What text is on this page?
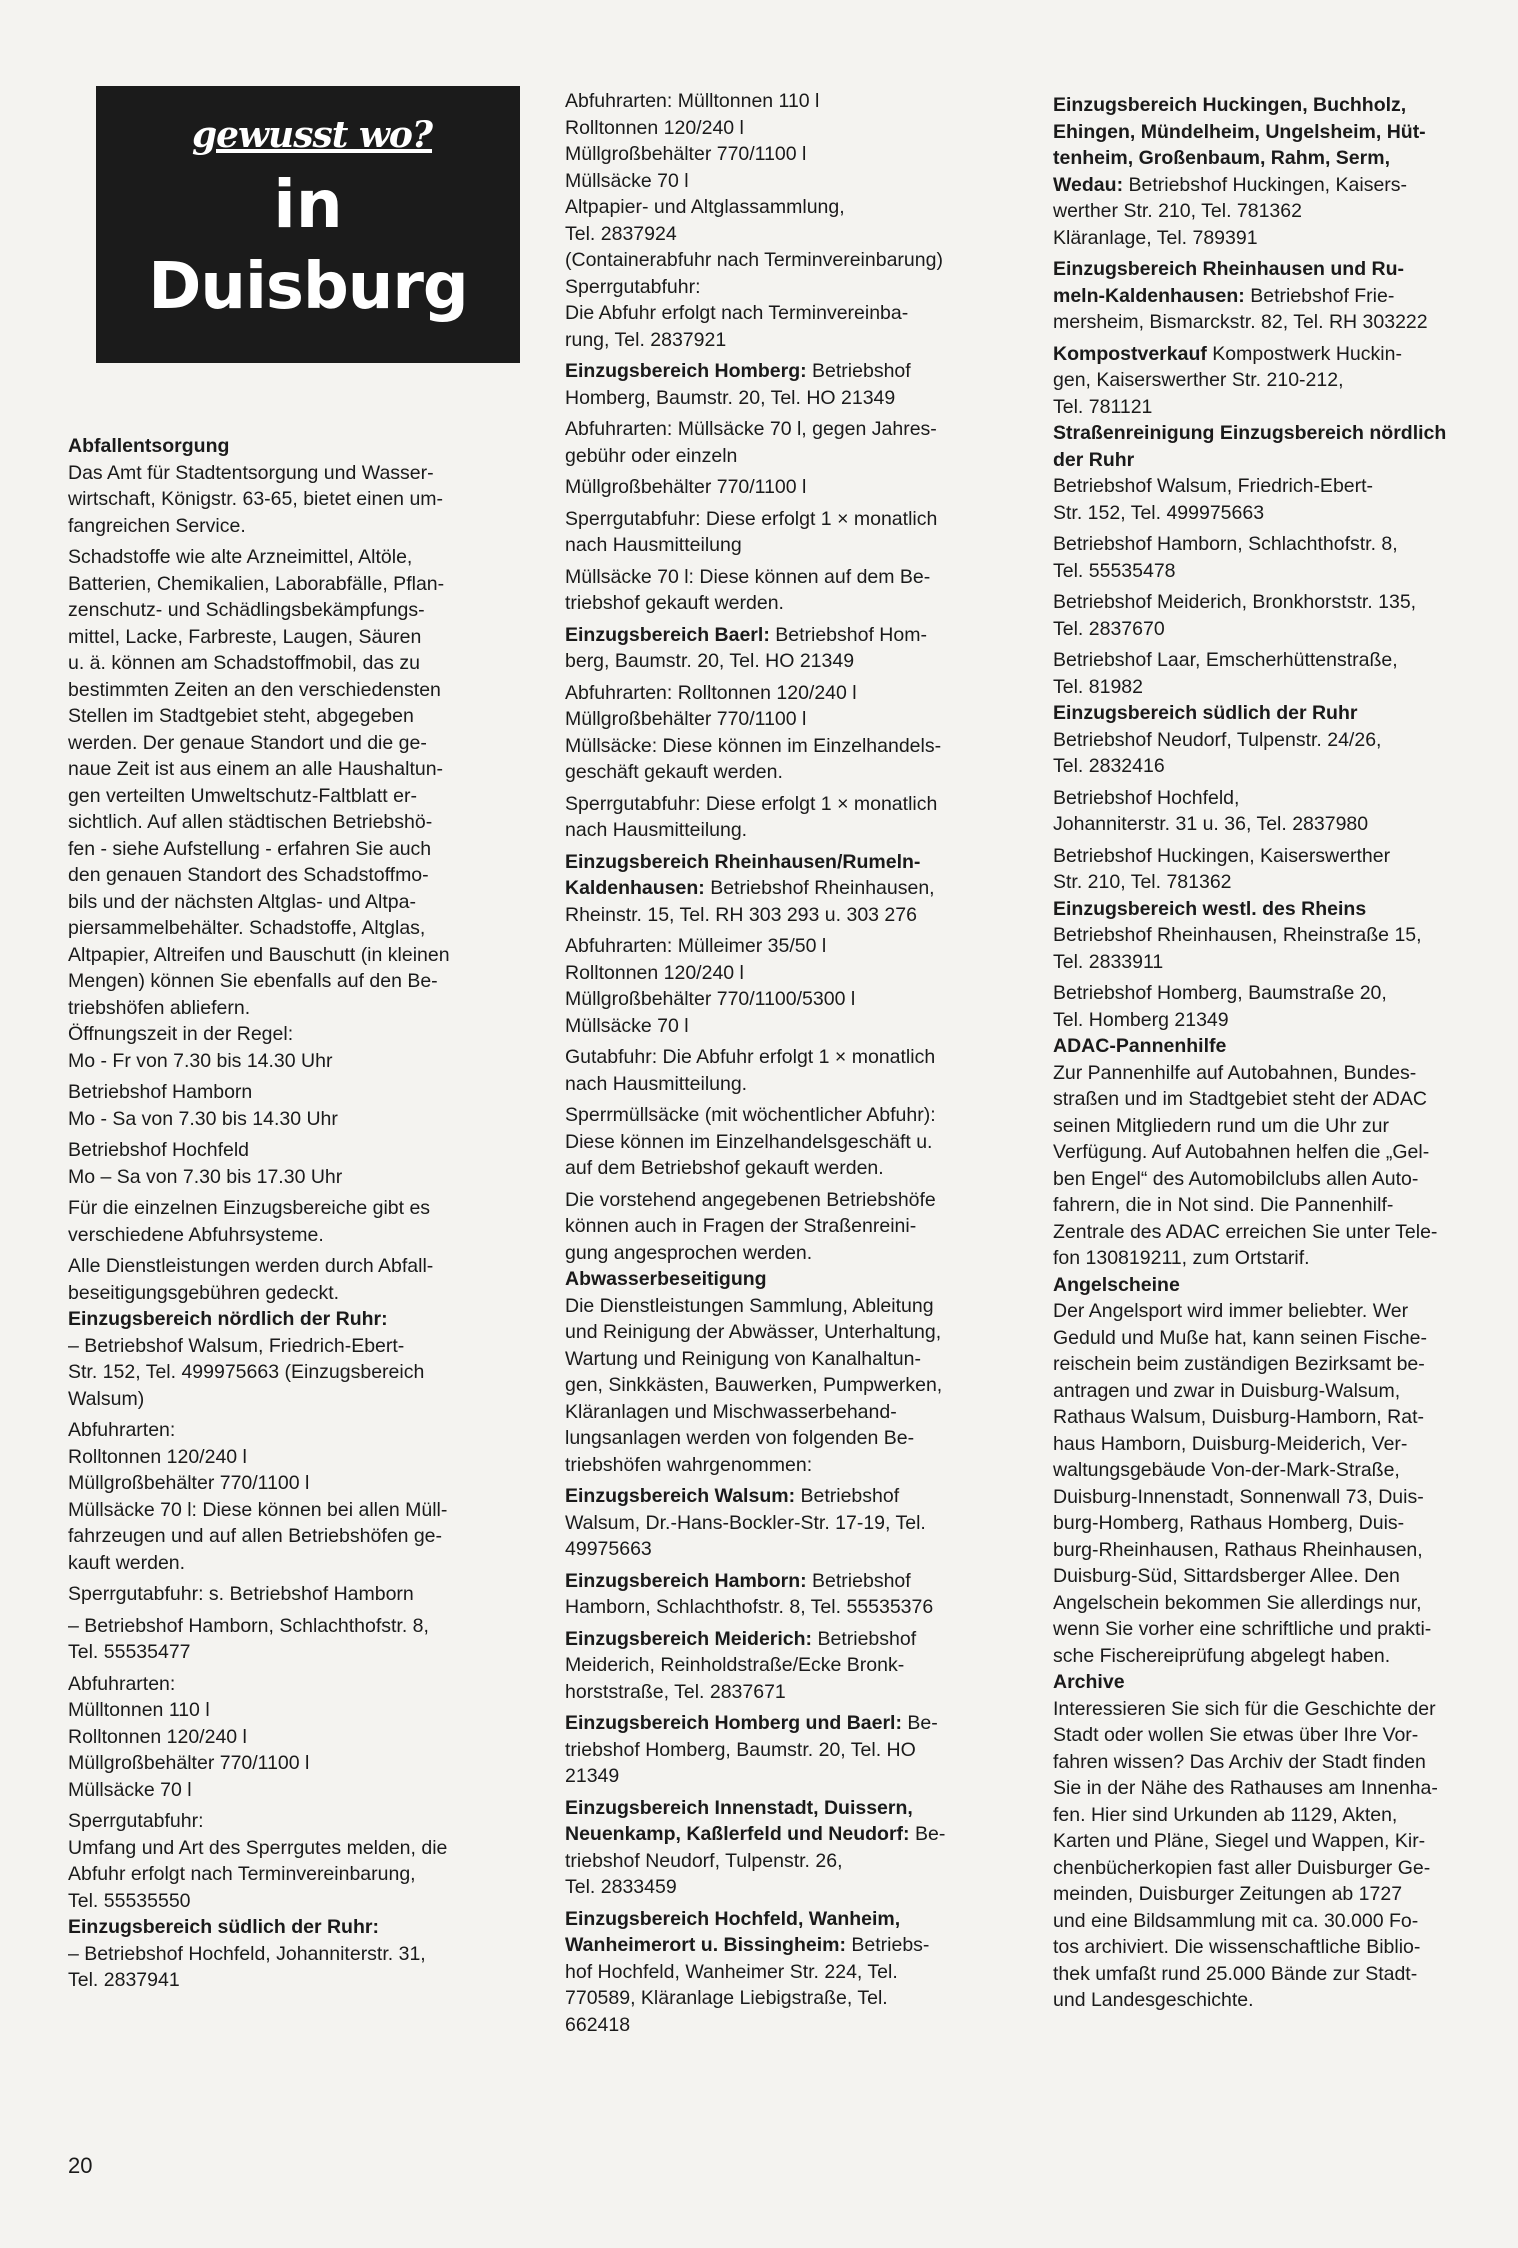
gewusst wo?
in
Duisburg
Abfallentsorgung
Das Amt für Stadtentsorgung und Wasser-
wirtschaft, Königstr. 63-65, bietet einen um-
fangreichen Service.
Schadstoffe wie alte Arzneimittel, Altöle,
Batterien, Chemikalien, Laborabfälle, Pflan-
zenschutz- und Schädlingsbekämpfungs-
mittel, Lacke, Farbreste, Laugen, Säuren
u. ä. können am Schadstoffmobil, das zu
bestimmten Zeiten an den verschiedensten
Stellen im Stadtgebiet steht, abgegeben
werden. Der genaue Standort und die ge-
naue Zeit ist aus einem an alle Haushaltun-
gen verteilten Umweltschutz-Faltblatt er-
sichtlich. Auf allen städtischen Betriebshö-
fen - siehe Aufstellung - erfahren Sie auch
den genauen Standort des Schadstoffmo-
bils und der nächsten Altglas- und Altpa-
piersammelbehälter. Schadstoffe, Altglas,
Altpapier, Altreifen und Bauschutt (in kleinen
Mengen) können Sie ebenfalls auf den Be-
triebshöfen abliefern.
Öffnungszeit in der Regel:
Mo - Fr von 7.30 bis 14.30 Uhr
Betriebshof Hamborn
Mo - Sa von 7.30 bis 14.30 Uhr
Betriebshof Hochfeld
Mo – Sa von 7.30 bis 17.30 Uhr
Für die einzelnen Einzugsbereiche gibt es
verschiedene Abfuhrsysteme.
Alle Dienstleistungen werden durch Abfall-
beseitigungsgebühren gedeckt.
Einzugsbereich nördlich der Ruhr:
– Betriebshof Walsum, Friedrich-Ebert-
Str. 152, Tel. 499975663 (Einzugsbereich
Walsum)
Abfuhrarten:
Rolltonnen 120/240 l
Müllgroßbehälter 770/1100 l
Müllsäcke 70 l: Diese können bei allen Müll-
fahrzeugen und auf allen Betriebshöfen ge-
kauft werden.
Sperrgutabfuhr: s. Betriebshof Hamborn
– Betriebshof Hamborn, Schlachthofstr. 8,
Tel. 55535477
Abfuhrarten:
Mülltonnen 110 l
Rolltonnen 120/240 l
Müllgroßbehälter 770/1100 l
Müllsäcke 70 l
Sperrgutabfuhr:
Umfang und Art des Sperrgutes melden, die
Abfuhr erfolgt nach Terminvereinbarung,
Tel. 55535550
Einzugsbereich südlich der Ruhr:
– Betriebshof Hochfeld, Johanniterstr. 31,
Tel. 2837941
Abfuhrarten: Mülltonnen 110 l
Rolltonnen 120/240 l
Müllgroßbehälter 770/1100 l
Müllsäcke 70 l
Altpapier- und Altglassammlung,
Tel. 2837924
(Containerabfuhr nach Terminvereinbarung)
Sperrgutabfuhr:
Die Abfuhr erfolgt nach Terminvereinba-
rung, Tel. 2837921
Einzugsbereich Homberg: Betriebshof
Homberg, Baumstr. 20, Tel. HO 21349
Abfuhrarten: Müllsäcke 70 l, gegen Jahres-
gebühr oder einzeln
Müllgroßbehälter 770/1100 l
Sperrgutabfuhr: Diese erfolgt 1 × monatlich
nach Hausmitteilung
Müllsäcke 70 l: Diese können auf dem Be-
triebshof gekauft werden.
Einzugsbereich Baerl: Betriebshof Hom-
berg, Baumstr. 20, Tel. HO 21349
Abfuhrarten: Rolltonnen 120/240 l
Müllgroßbehälter 770/1100 l
Müllsäcke: Diese können im Einzelhandels-
geschäft gekauft werden.
Sperrgutabfuhr: Diese erfolgt 1 × monatlich
nach Hausmitteilung.
Einzugsbereich Rheinhausen/Rumeln-
Kaldenhausen: Betriebshof Rheinhausen,
Rheinstr. 15, Tel. RH 303 293 u. 303 276
Abfuhrarten: Mülleimer 35/50 l
Rolltonnen 120/240 l
Müllgroßbehälter 770/1100/5300 l
Müllsäcke 70 l
Gutabfuhr: Die Abfuhr erfolgt 1 × monatlich
nach Hausmitteilung.
Sperrmüllsäcke (mit wöchentlicher Abfuhr):
Diese können im Einzelhandelsgeschäft u.
auf dem Betriebshof gekauft werden.
Die vorstehend angegebenen Betriebshöfe
können auch in Fragen der Straßenreini-
gung angesprochen werden.
Abwasserbeseitigung
Die Dienstleistungen Sammlung, Ableitung
und Reinigung der Abwässer, Unterhaltung,
Wartung und Reinigung von Kanalhaltun-
gen, Sinkkästen, Bauwerken, Pumpwerken,
Kläranlagen und Mischwasserbehand-
lungsanlagen werden von folgenden Be-
triebshöfen wahrgenommen:
Einzugsbereich Walsum: Betriebshof
Walsum, Dr.-Hans-Bockler-Str. 17-19, Tel.
49975663
Einzugsbereich Hamborn: Betriebshof
Hamborn, Schlachthofstr. 8, Tel. 55535376
Einzugsbereich Meiderich: Betriebshof
Meiderich, Reinholdstraße/Ecke Bronk-
horststraße, Tel. 2837671
Einzugsbereich Homberg und Baerl: Be-
triebshof Homberg, Baumstr. 20, Tel. HO
21349
Einzugsbereich Innenstadt, Duissern,
Neuenkamp, Kaßlerfeld und Neudorf: Be-
triebshof Neudorf, Tulpenstr. 26,
Tel. 2833459
Einzugsbereich Hochfeld, Wanheim,
Wanheimerort u. Bissingheim: Betriebs-
hof Hochfeld, Wanheimer Str. 224, Tel.
770589, Kläranlage Liebigstraße, Tel.
662418
Einzugsbereich Huckingen, Buchholz,
Ehingen, Mündelheim, Ungelsheim, Hüt-
tenheim, Großenbaum, Rahm, Serm,
Wedau: Betriebshof Huckingen, Kaisers-
werther Str. 210, Tel. 781362
Kläranlage, Tel. 789391
Einzugsbereich Rheinhausen und Ru-
meln-Kaldenhausen: Betriebshof Frie-
mersheim, Bismarckstr. 82, Tel. RH 303222
Kompostverkauf Kompostwerk Huckin-
gen, Kaiserswerther Str. 210-212,
Tel. 781121
Straßenreinigung Einzugsbereich nördlich der Ruhr
Betriebshof Walsum, Friedrich-Ebert-
Str. 152, Tel. 499975663
Betriebshof Hamborn, Schlachthofstr. 8,
Tel. 55535478
Betriebshof Meiderich, Bronkhorststr. 135,
Tel. 2837670
Betriebshof Laar, Emscherhüttenstraße,
Tel. 81982
Einzugsbereich südlich der Ruhr
Betriebshof Neudorf, Tulpenstr. 24/26,
Tel. 2832416
Betriebshof Hochfeld,
Johanniterstr. 31 u. 36, Tel. 2837980
Betriebshof Huckingen, Kaiserswerther
Str. 210, Tel. 781362
Einzugsbereich westl. des Rheins
Betriebshof Rheinhausen, Rheinstraße 15,
Tel. 2833911
Betriebshof Homberg, Baumstraße 20,
Tel. Homberg 21349
ADAC-Pannenhilfe
Zur Pannenhilfe auf Autobahnen, Bundes-
straßen und im Stadtgebiet steht der ADAC
seinen Mitgliedern rund um die Uhr zur
Verfügung. Auf Autobahnen helfen die „Gel-
ben Engel“ des Automobilclubs allen Auto-
fahrern, die in Not sind. Die Pannenhilf-
Zentrale des ADAC erreichen Sie unter Tele-
fon 130819211, zum Ortstarif.
Angelscheine
Der Angelsport wird immer beliebter. Wer
Geduld und Muße hat, kann seinen Fische-
reischein beim zuständigen Bezirksamt be-
antragen und zwar in Duisburg-Walsum,
Rathaus Walsum, Duisburg-Hamborn, Rat-
haus Hamborn, Duisburg-Meiderich, Ver-
waltungsgebäude Von-der-Mark-Straße,
Duisburg-Innenstadt, Sonnenwall 73, Duis-
burg-Homberg, Rathaus Homberg, Duis-
burg-Rheinhausen, Rathaus Rheinhausen,
Duisburg-Süd, Sittardsberger Allee. Den
Angelschein bekommen Sie allerdings nur,
wenn Sie vorher eine schriftliche und prakti-
sche Fischereiprüfung abgelegt haben.
Archive
Interessieren Sie sich für die Geschichte der
Stadt oder wollen Sie etwas über Ihre Vor-
fahren wissen? Das Archiv der Stadt finden
Sie in der Nähe des Rathauses am Innenha-
fen. Hier sind Urkunden ab 1129, Akten,
Karten und Pläne, Siegel und Wappen, Kir-
chenbücherkopien fast aller Duisburger Ge-
meinden, Duisburger Zeitungen ab 1727
und eine Bildsammlung mit ca. 30.000 Fo-
tos archiviert. Die wissenschaftliche Biblio-
thek umfaßt rund 25.000 Bände zur Stadt-
und Landesgeschichte.
20
